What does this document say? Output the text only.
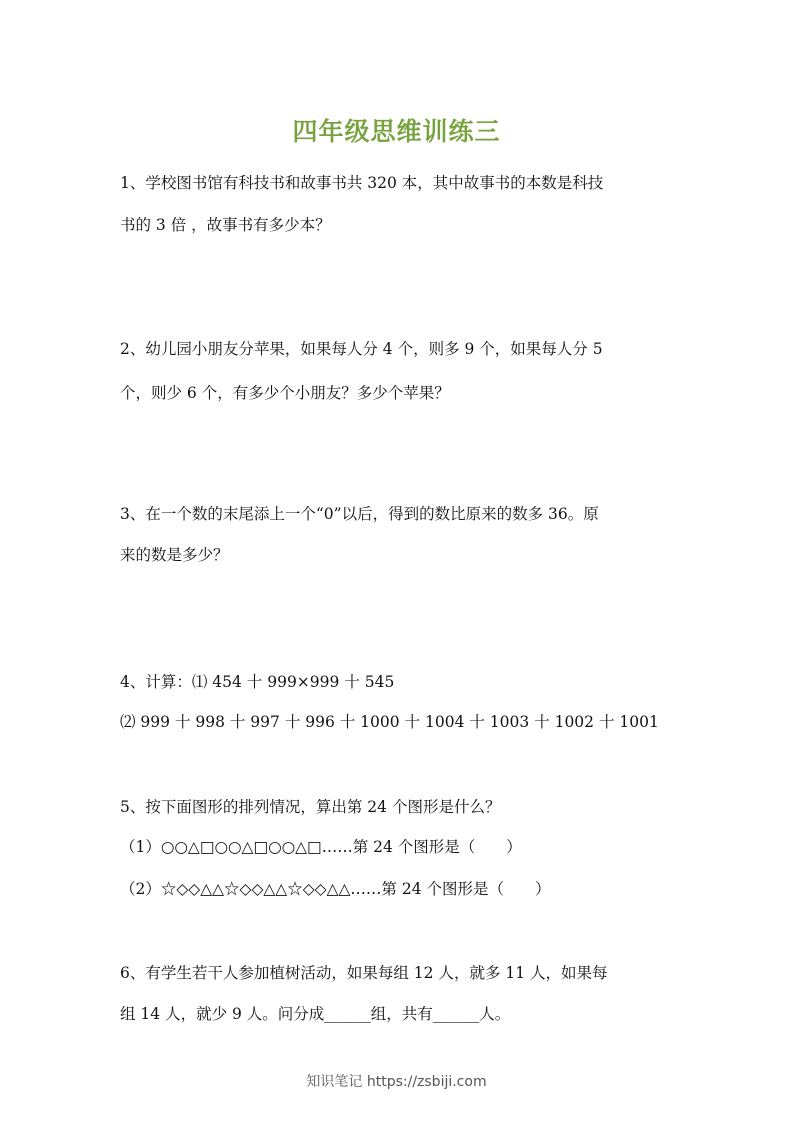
四年级思维训练三
1、学校图书馆有科技书和故事书共 320 本，其中故事书的本数是科技
书的 3 倍 ，故事书有多少本？
2、幼儿园小朋友分苹果，如果每人分 4 个，则多 9 个，如果每人分 5
个，则少 6 个，有多少个小朋友？多少个苹果？
3、在一个数的末尾添上一个“0”以后，得到的数比原来的数多 36。原
来的数是多少？
4、计算：⑴ 454 十 999×999 十 545
⑵ 999 十 998 十 997 十 996 十 1000 十 1004 十 1003 十 1002 十 1001
5、按下面图形的排列情况，算出第 24 个图形是什么？
（1）○○△□○○△□○○△□……第 24 个图形是（　　）
（2）☆◇◇△△☆◇◇△△☆◇◇△△……第 24 个图形是（　　）
6、有学生若干人参加植树活动，如果每组 12 人，就多 11 人，如果每
组 14 人，就少 9 人。问分成______组，共有______人。
知识笔记 https://zsbiji.com
